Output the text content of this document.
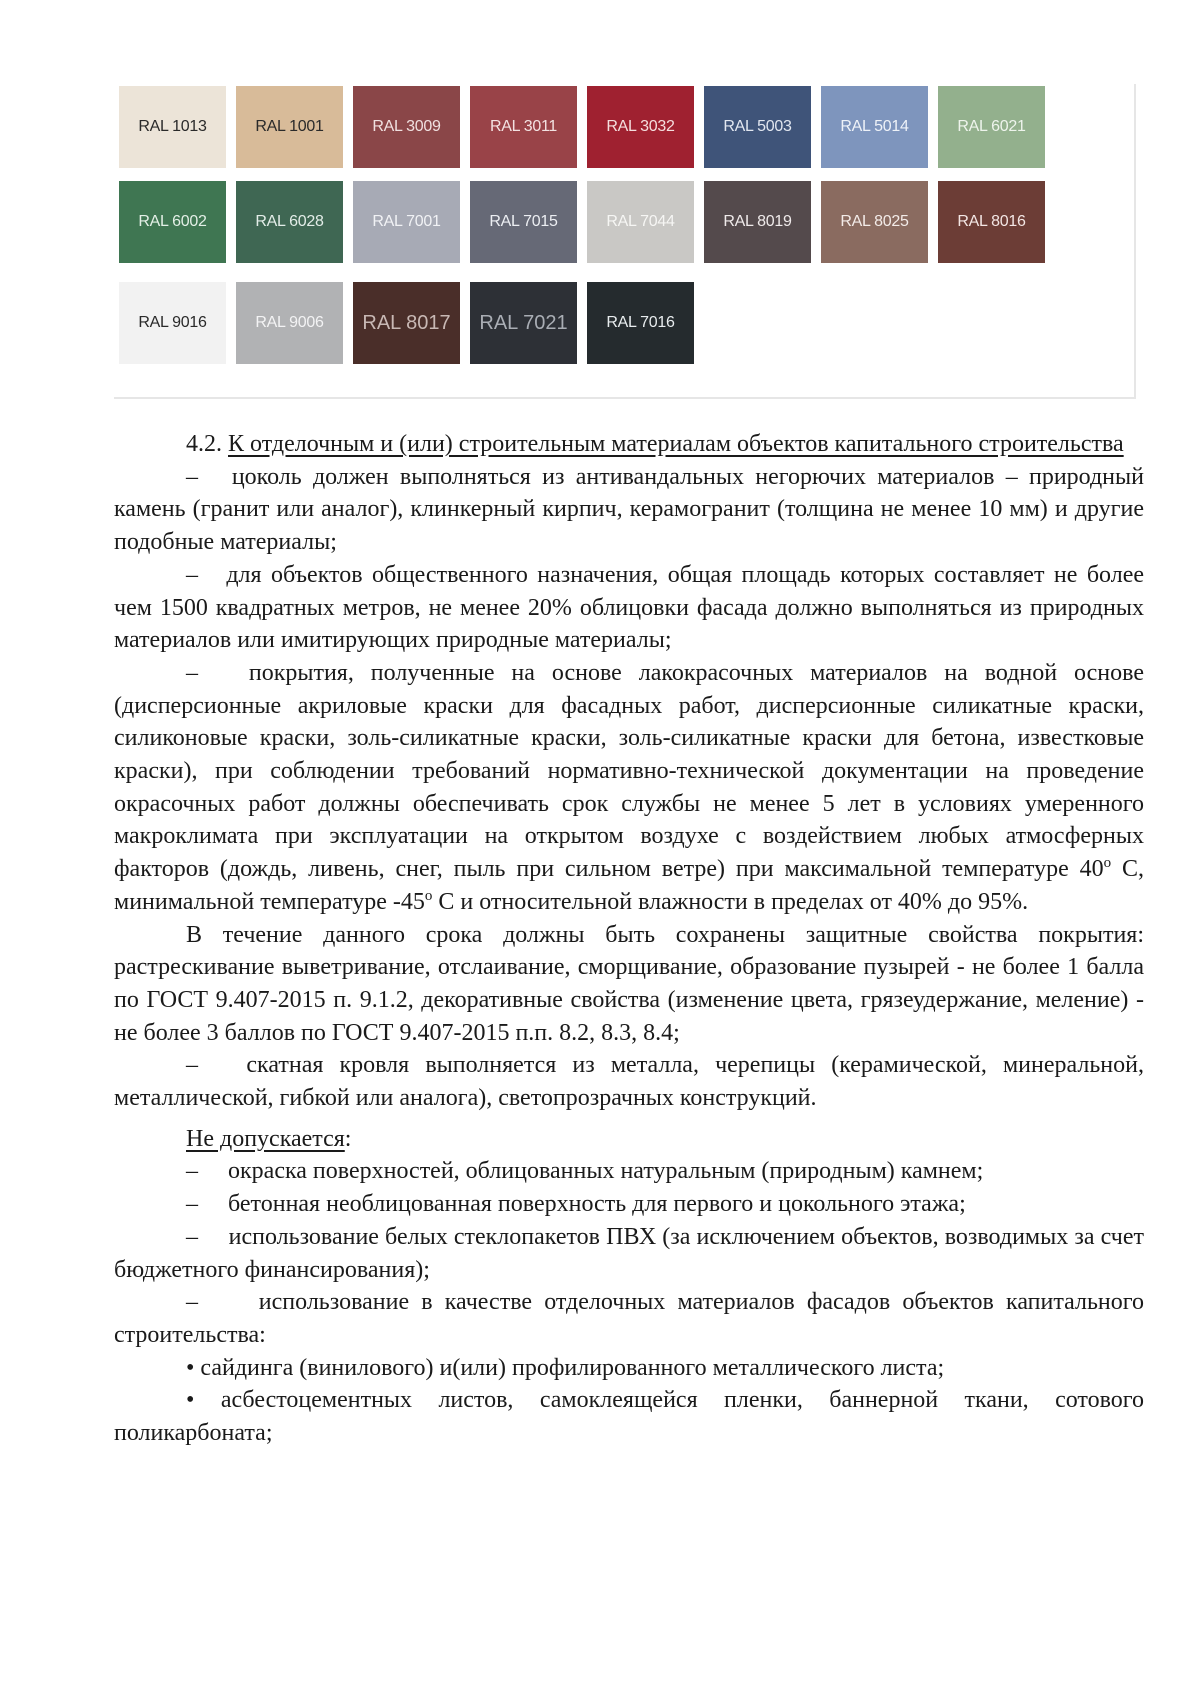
RAL 1013	RAL 1001	RAL 3009	RAL 3011	RAL 3032	RAL 5003	RAL 5014	RAL 6021
RAL 6002	RAL 6028	RAL 7001	RAL 7015	RAL 7044	RAL 8019	RAL 8025	RAL 8016
RAL 9016	RAL 9006	RAL 8017	RAL 7021	RAL 7016

4.2. К отделочным и (или) строительным материалам объектов капитального строительства

–    цоколь должен выполняться из антивандальных негорючих материалов – природный камень (гранит или аналог), клинкерный кирпич, керамогранит (толщина не менее 10 мм) и другие подобные материалы;

–    для объектов общественного назначения, общая площадь которых составляет не более чем 1500 квадратных метров, не менее 20% облицовки фасада должно выполняться из природных материалов или имитирующих природные материалы;

–    покрытия, полученные на основе лакокрасочных материалов на водной основе (дисперсионные акриловые краски для фасадных работ, дисперсионные силикатные краски, силиконовые краски, золь-силикатные краски, золь-силикатные краски для бетона, известковые краски), при соблюдении требований нормативно-технической документации на проведение окрасочных работ должны обеспечивать срок службы не менее 5 лет в условиях умеренного макроклимата при эксплуатации на открытом воздухе с воздействием любых атмосферных факторов (дождь, ливень, снег, пыль при сильном ветре) при максимальной температуре $40^о$ С, минимальной температуре $-45^о$ С и относительной влажности в пределах от 40% до 95%.

В течение данного срока должны быть сохранены защитные свойства покрытия: растрескивание выветривание, отслаивание, сморщивание, образование пузырей - не более 1 балла по ГОСТ 9.407-2015 п. 9.1.2, декоративные свойства (изменение цвета, грязеудержание, меление) - не более 3 баллов по ГОСТ 9.407-2015 п.п. 8.2, 8.3, 8.4;

–    скатная кровля выполняется из металла, черепицы (керамической, минеральной, металлической, гибкой или аналога), светопрозрачных конструкций.

Не допускается:

–      окраска поверхностей, облицованных натуральным (природным) камнем;

–      бетонная необлицованная поверхность для первого и цокольного этажа;

–      использование белых стеклопакетов ПВХ (за исключением объектов, возводимых за счет бюджетного финансирования);

–      использование в качестве отделочных материалов фасадов объектов капитального строительства:

• сайдинга (винилового) и(или) профилированного металлического листа;

• асбестоцементных листов, самоклеящейся пленки, баннерной ткани, сотового поликарбоната;
